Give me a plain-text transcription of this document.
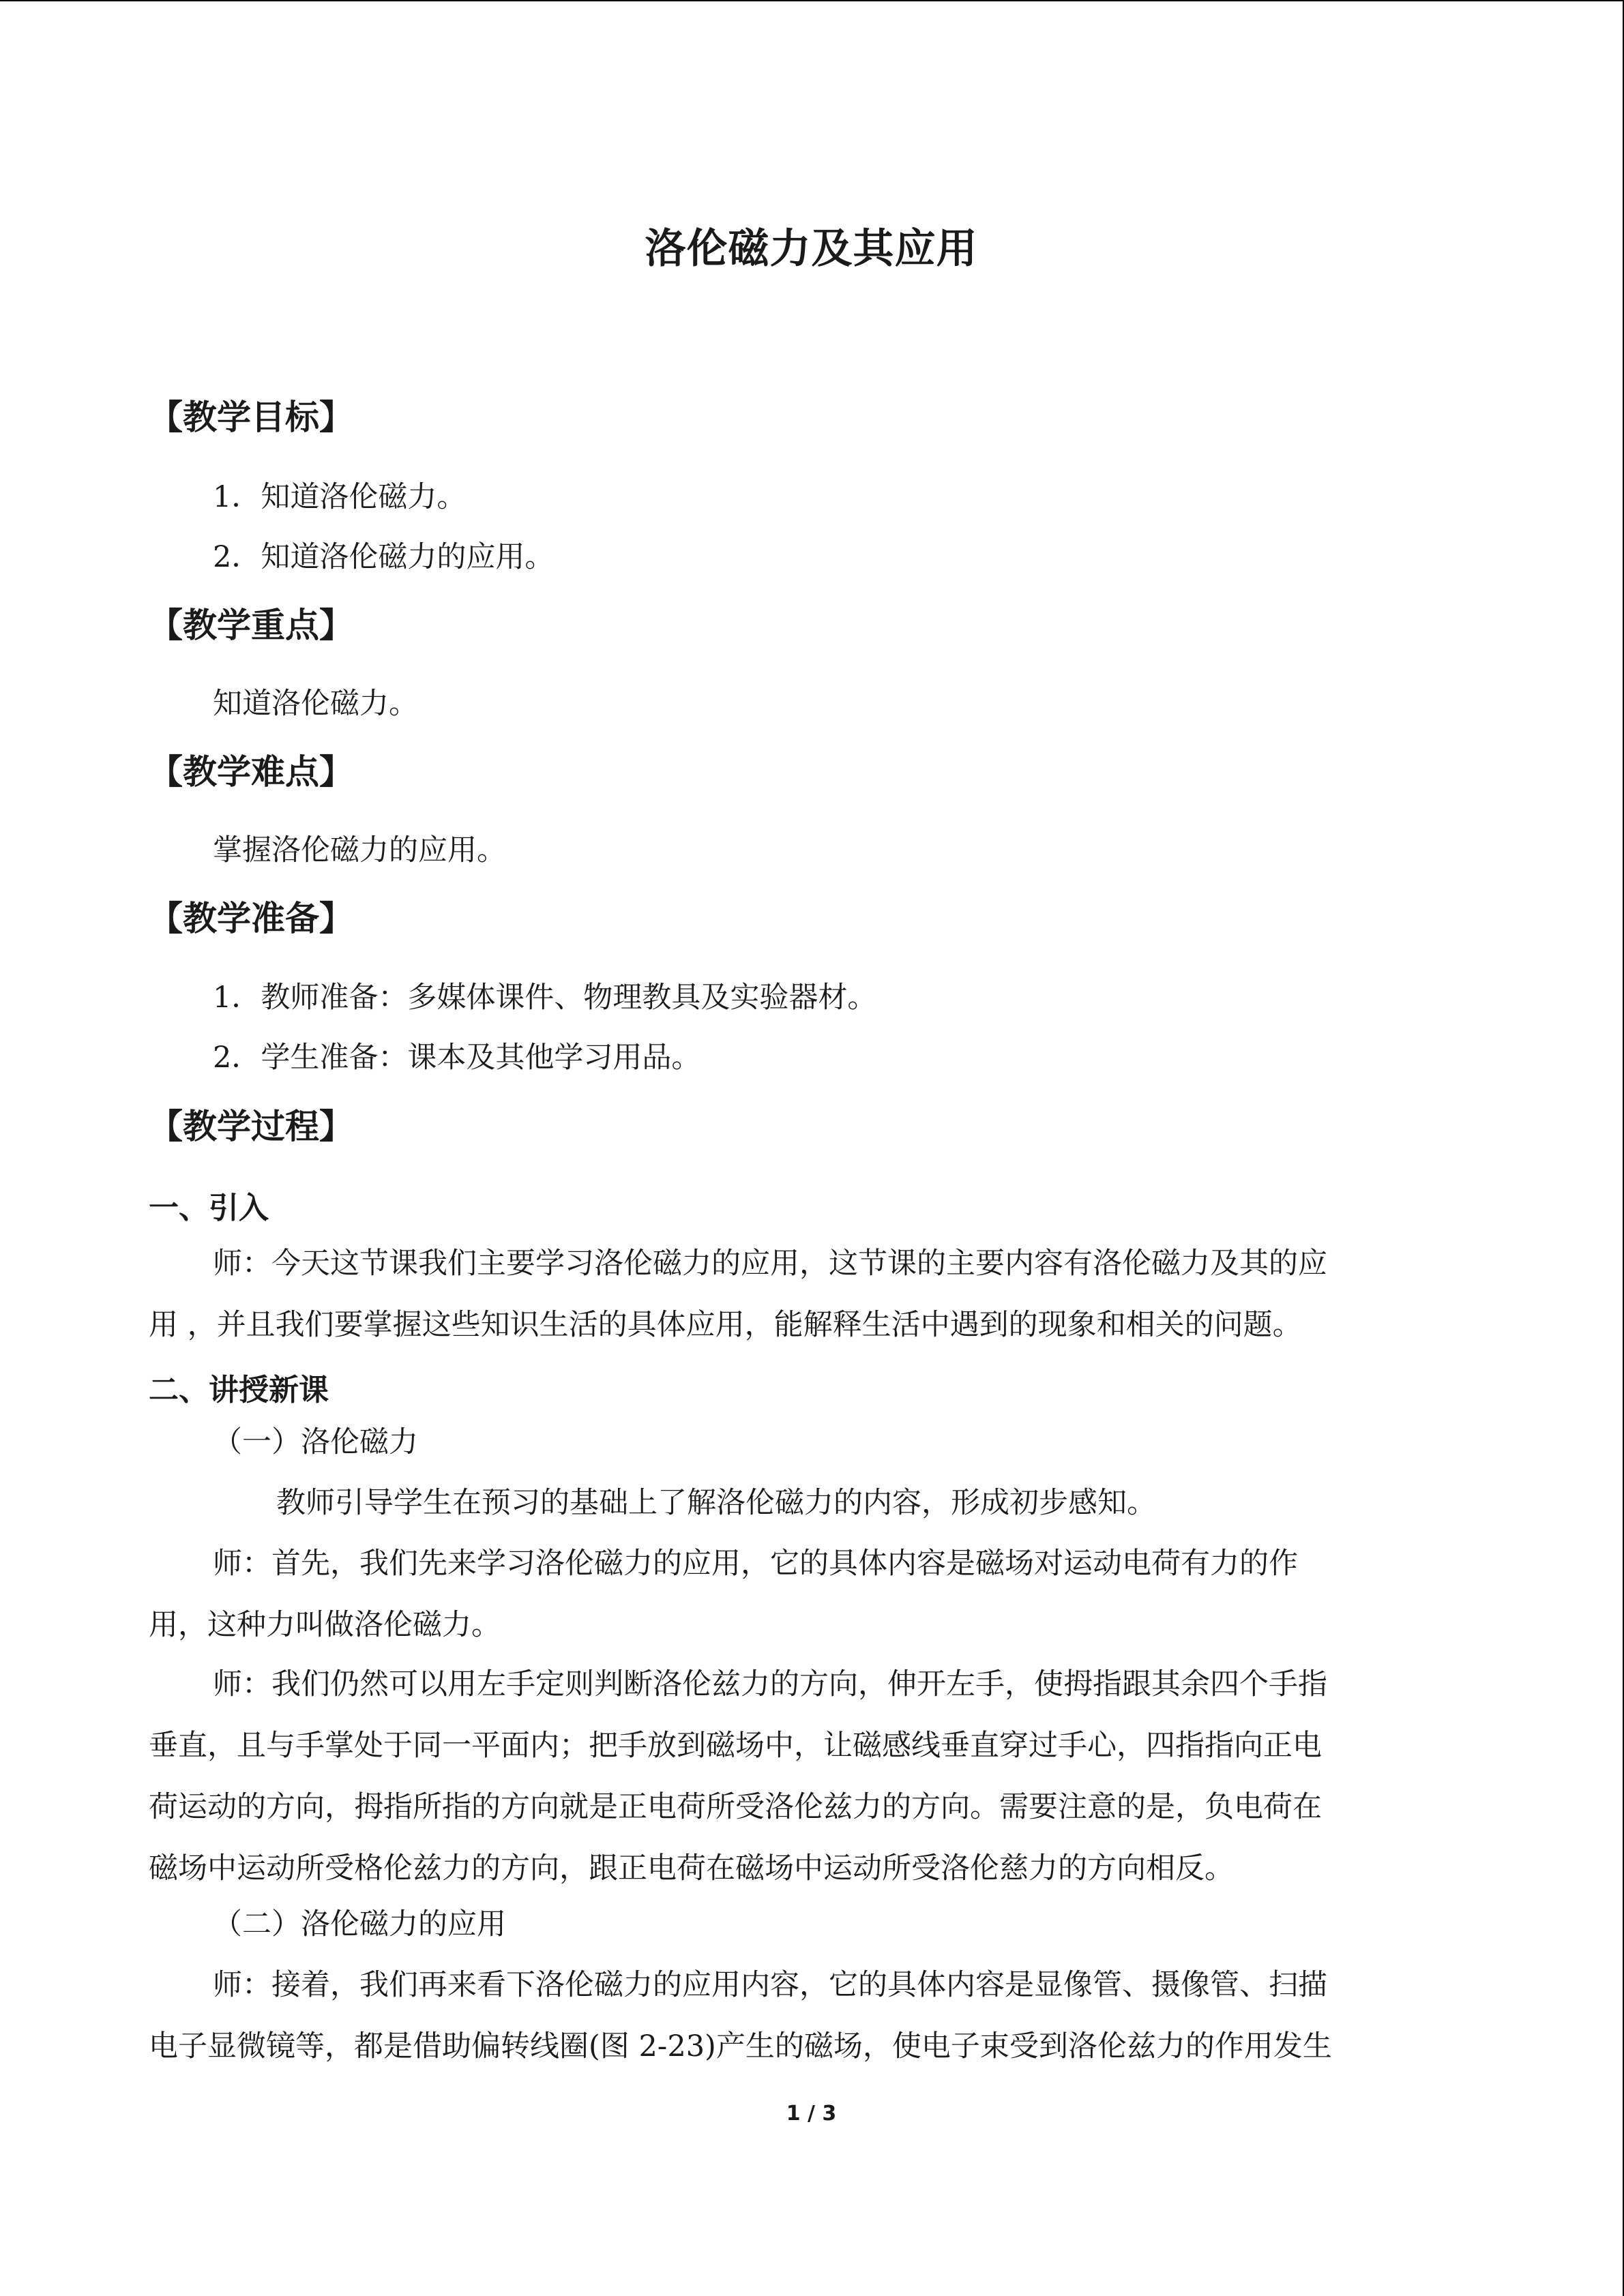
洛伦磁力及其应用
【教学目标】
1．知道洛伦磁力。
2．知道洛伦磁力的应用。
【教学重点】
知道洛伦磁力。
【教学难点】
掌握洛伦磁力的应用。
【教学准备】
1．教师准备：多媒体课件、物理教具及实验器材。
2．学生准备：课本及其他学习用品。
【教学过程】
一、引入
师：今天这节课我们主要学习洛伦磁力的应用，这节课的主要内容有洛伦磁力及其的应
用 ，并且我们要掌握这些知识生活的具体应用，能解释生活中遇到的现象和相关的问题。
二、讲授新课
（一）洛伦磁力
教师引导学生在预习的基础上了解洛伦磁力的内容，形成初步感知。
师：首先，我们先来学习洛伦磁力的应用，它的具体内容是磁场对运动电荷有力的作
用，这种力叫做洛伦磁力。
师：我们仍然可以用左手定则判断洛伦兹力的方向，伸开左手，使拇指跟其余四个手指
垂直，且与手掌处于同一平面内；把手放到磁场中，让磁感线垂直穿过手心，四指指向正电
荷运动的方向，拇指所指的方向就是正电荷所受洛伦兹力的方向。需要注意的是，负电荷在
磁场中运动所受格伦兹力的方向，跟正电荷在磁场中运动所受洛伦慈力的方向相反。
（二）洛伦磁力的应用
师：接着，我们再来看下洛伦磁力的应用内容，它的具体内容是显像管、摄像管、扫描
电子显微镜等，都是借助偏转线圈(图 2-23)产生的磁场，使电子束受到洛伦兹力的作用发生
1 / 3
